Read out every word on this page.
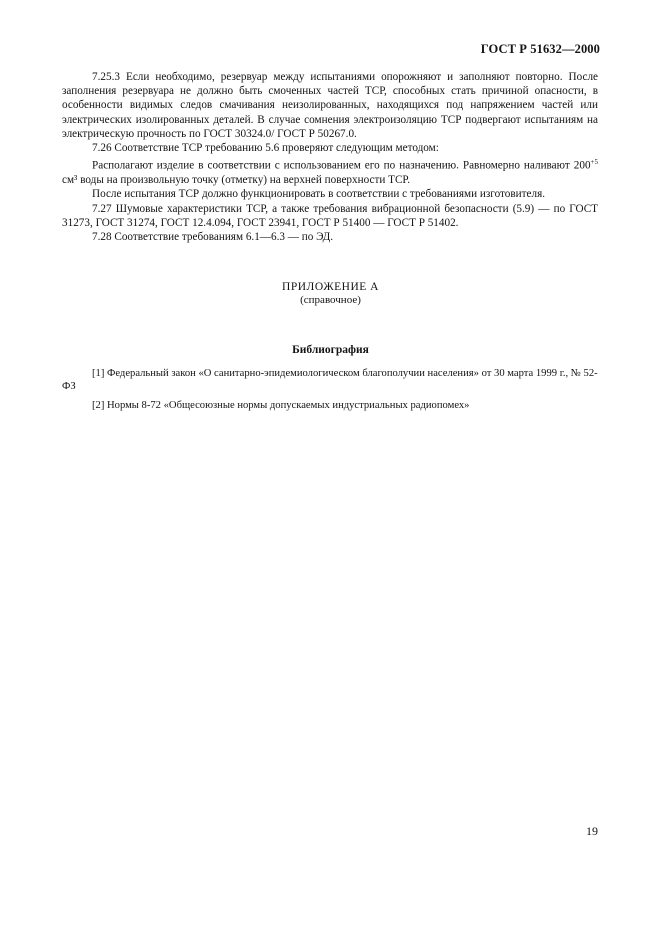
ГОСТ Р 51632—2000

7.25.3 Если необходимо, резервуар между испытаниями опорожняют и заполняют повторно. После заполнения резервуара не должно быть смоченных частей ТСР, способных стать причиной опасности, в особенности видимых следов смачивания неизолированных, находящихся под напряжением частей или электрических изолированных деталей. В случае сомнения электроизоляцию ТСР подвергают испытаниям на электрическую прочность по ГОСТ 30324.0/ ГОСТ Р 50267.0.

7.26 Соответствие ТСР требованию 5.6 проверяют следующим методом:

Располагают изделие в соответствии с использованием его по назначению. Равномерно наливают $200^{+5}$ см³ воды на произвольную точку (отметку) на верхней поверхности ТСР.

После испытания ТСР должно функционировать в соответствии с требованиями изготовителя.

7.27 Шумовые характеристики ТСР, а также требования вибрационной безопасности (5.9) — по ГОСТ 31273, ГОСТ 31274, ГОСТ 12.4.094, ГОСТ 23941, ГОСТ Р 51400 — ГОСТ Р 51402.

7.28 Соответствие требованиям 6.1—6.3 — по ЭД.

ПРИЛОЖЕНИЕ А
(справочное)
Библиография

[1] Федеральный закон «О санитарно-эпидемиологическом благополучии населения» от 30 марта 1999 г., № 52-ФЗ

[2] Нормы 8-72 «Общесоюзные нормы допускаемых индустриальных радиопомех»

19
